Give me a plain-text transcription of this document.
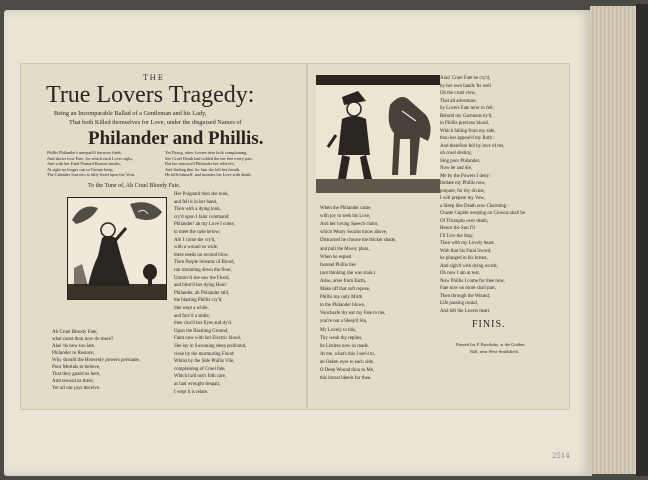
THE
True Lovers Tragedy:
Being an Incomparable Ballad of a Gentleman and his Lady,
That both Killed themselves for Love, under the disguised Names of
Philander and Phillis.
Phillis Philander's unequal'd Sorrows finds,
And shows how Fate, for which each Lover sighs,
And with her Fatal Poniard Reason breaks,
At sight no longer can in Torture keep,
The Calender Sorrows is fully fixed upon her Vein.
Yet Dying, other Lovers dear look complaining,
See Cruel Death had cobled the her feet every part,
But her renown'd Philander her relieve's,
And finding that for him she left her breath,
He kills himself, and imitates his Love with death.
To the Tune of, Ah Cruel Bloody Fate.
Ah Cruel Bloody Fate,
what canst thou now do more?
Alas 'tis now too late,
Philander to Restore;
Why should the Heavenly powers persuade,
Poor Mortals to believe,
That they guard us here,
And reward us there,
Yet all our joys deceive.
Her Poignard then she took,
and fell it in her hand,
Then with a dying look,
cry'd upon I faint command:
Philander! ah my Love I come,
to meet the rude below;
Ah! I come the cry'd,
with a wound so wide,
there needs no second blow.
Then Purple Streams of Blood,
ran streaming down the floor,
Unmov'd she saw the Flood,
and blest'd her dying Hour:
Philander, ah Philander still,
the blasting Phillis cry'd,
She wept a while,
and forc'd a smile,
then clos'd her Eyes and dy'd.
Upon the Blushing Ground,
Faint now with her Electric blood,
She lay in Swooning sleep profound,
close by the murmuring Flood:
Whilst by the Side Phillis Vile,
complaining of Cruel fate,
Which ha'd not's foth care,
as had wrought despair,
I wept it is relate.
When the Philander came,
with joy to seek his Love,
And her loving Speech claim,
which Weary Swains know above,
Distracted he choose the thicket shade,
and pull the Mossy plain,
When he espied
Instead Phillis ties
(not thinking she was slain.)
Arise, arise from Earth,
Make off that soft repose,
Phillis my only Mirth
to the Philander blows,
Vouchsafe thy ear my Fate to me,
you're not a Sleep'd Sin,
My Lovely to this,
Thy weak thy replies,
he Listless now so made.
At me, what's this I see'd to,
an Oaken eyes to each side,
O Deep Wound thou to Me,
this breast bleeds for thee.
Alas! Cruel Fate he cry'd,
by her own hands 'tis well
Oh the cruel view,
That all adventure,
by Lovers Fate ne'er to fell.
Behold my Garments by'd,
in Phillis precious blood,
Which falling from my side,
thou her appear'd my Ruth :
And therefore fell by love of me,
oh cruel destiny,
Sing poor Philander,
Now be and die,
Me by the Powers I deny :
Imitate my Phillis now,
prepare, for thy divine,
I will prepare my Vow,
a Sleep like Death now Charming :
Chaste Cupids weeping on Crowns shall be
Of Triumphs over death,
Hence the Sun I'll
I'll Live the Stay,
Then with my Lovely heart.
With that his Fatal Sword,
he plunged in his breast,
And sigh'd with dying words,
Oh now I am at rest,
Now Phillis I come for thee now,
Fate now no more shall part,
Then through the Wound,
Life passing round,
And left the Lovers heart.
FINIS.
Printed for P. Brooksby, at the Golden
Ball, near West-Smithfield.
2514
